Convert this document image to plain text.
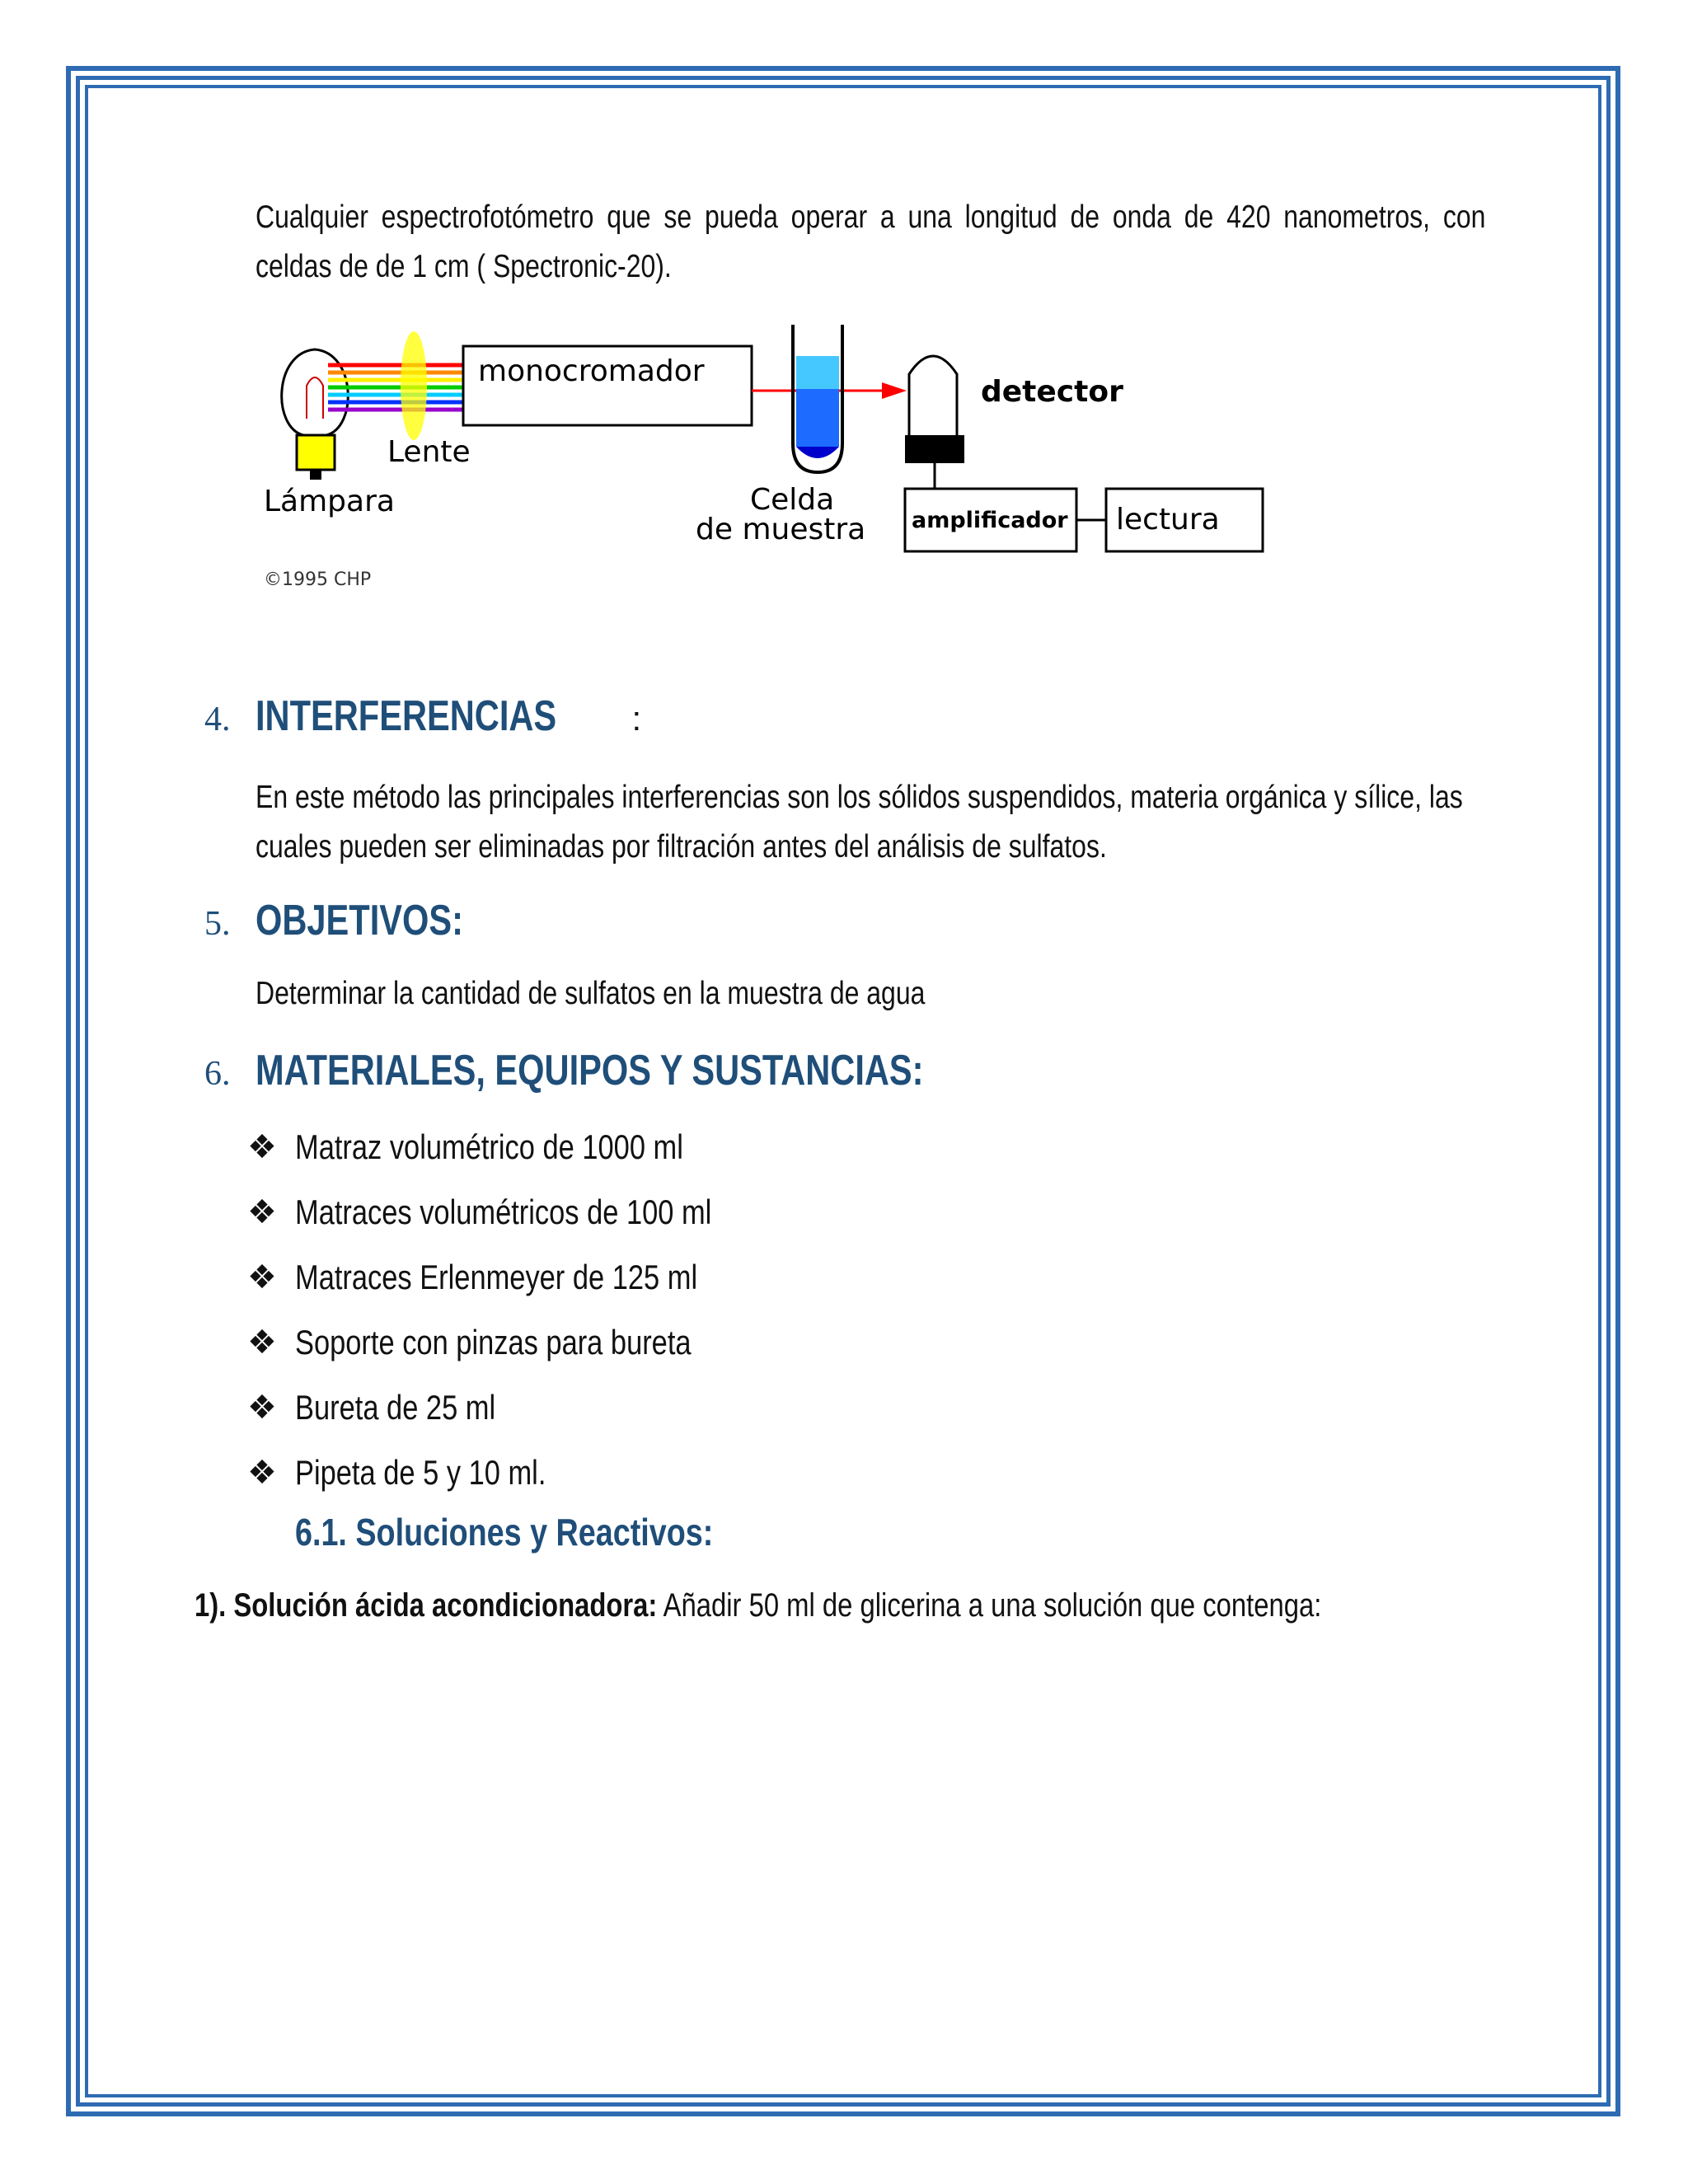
Cualquier espectrofotómetro que se pueda operar a una longitud de onda de 420 nanometros, con celdas de de 1 cm ( Spectronic-20).
monocromador
detector
Lente
Lámpara	Celda
de muestra amplificador lectura
©1995 CHP
4. INTERFERENCIAS :
En este método las principales interferencias son los sólidos suspendidos, materia orgánica y sílice, las cuales pueden ser eliminadas por filtración antes del análisis de sulfatos.
5. OBJETIVOS:
Determinar la cantidad de sulfatos en la muestra de agua
6. MATERIALES, EQUIPOS Y SUSTANCIAS:
❖ Matraz volumétrico de 1000 ml
❖ Matraces volumétricos de 100 ml
❖ Matraces Erlenmeyer de 125 ml
❖ Soporte con pinzas para bureta
❖ Bureta de 25 ml
❖ Pipeta de 5 y 10 ml.
6.1. Soluciones y Reactivos:
1). Solución ácida acondicionadora: Añadir 50 ml de glicerina a una solución que contenga:
